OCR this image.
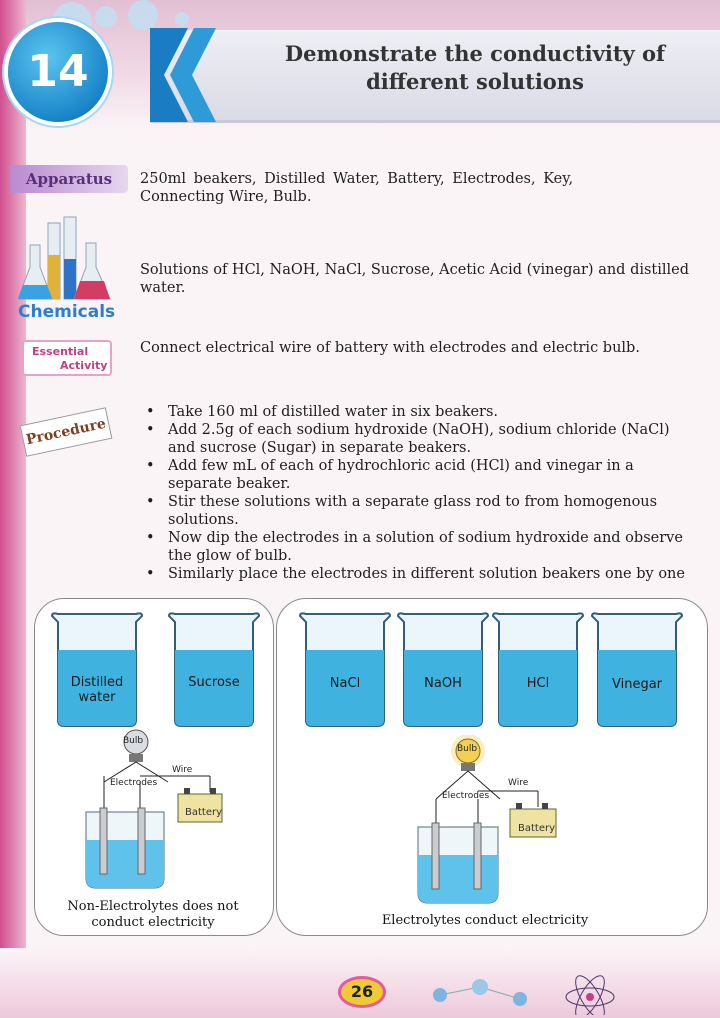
14	Demonstrate the conductivity of
different solutions
Apparatus	250ml beakers, Distilled Water, Battery, Electrodes, Key,
Connecting Wire, Bulb.
Chemicals
Solutions of HCl, NaOH, NaCl, Sucrose, Acetic Acid (vinegar) and distilled water.
Essential
Activity
Connect electrical wire of battery with electrodes and electric bulb.
Procedure
• Take 160 ml of distilled water in six beakers.
• Add 2.5g of each sodium hydroxide (NaOH), sodium chloride (NaCl) and sucrose (Sugar) in separate beakers.
• Add few mL of each of hydrochloric acid (HCl) and vinegar in a separate beaker.
• Stir these solutions with a separate glass rod to from homogenous solutions.
• Now dip the electrodes in a solution of sodium hydroxide and observe the glow of bulb.
• Similarly place the electrodes in different solution beakers one by one
Distilled water
Sucrose	NaCl	NaOH	HCl	Vinegar
Bulb
Wire
Electrodes
Battery
Bulb
Wire
Electrodes
Battery
Non-Electrolytes does not
conduct electricity	Electrolytes conduct electricity
26
